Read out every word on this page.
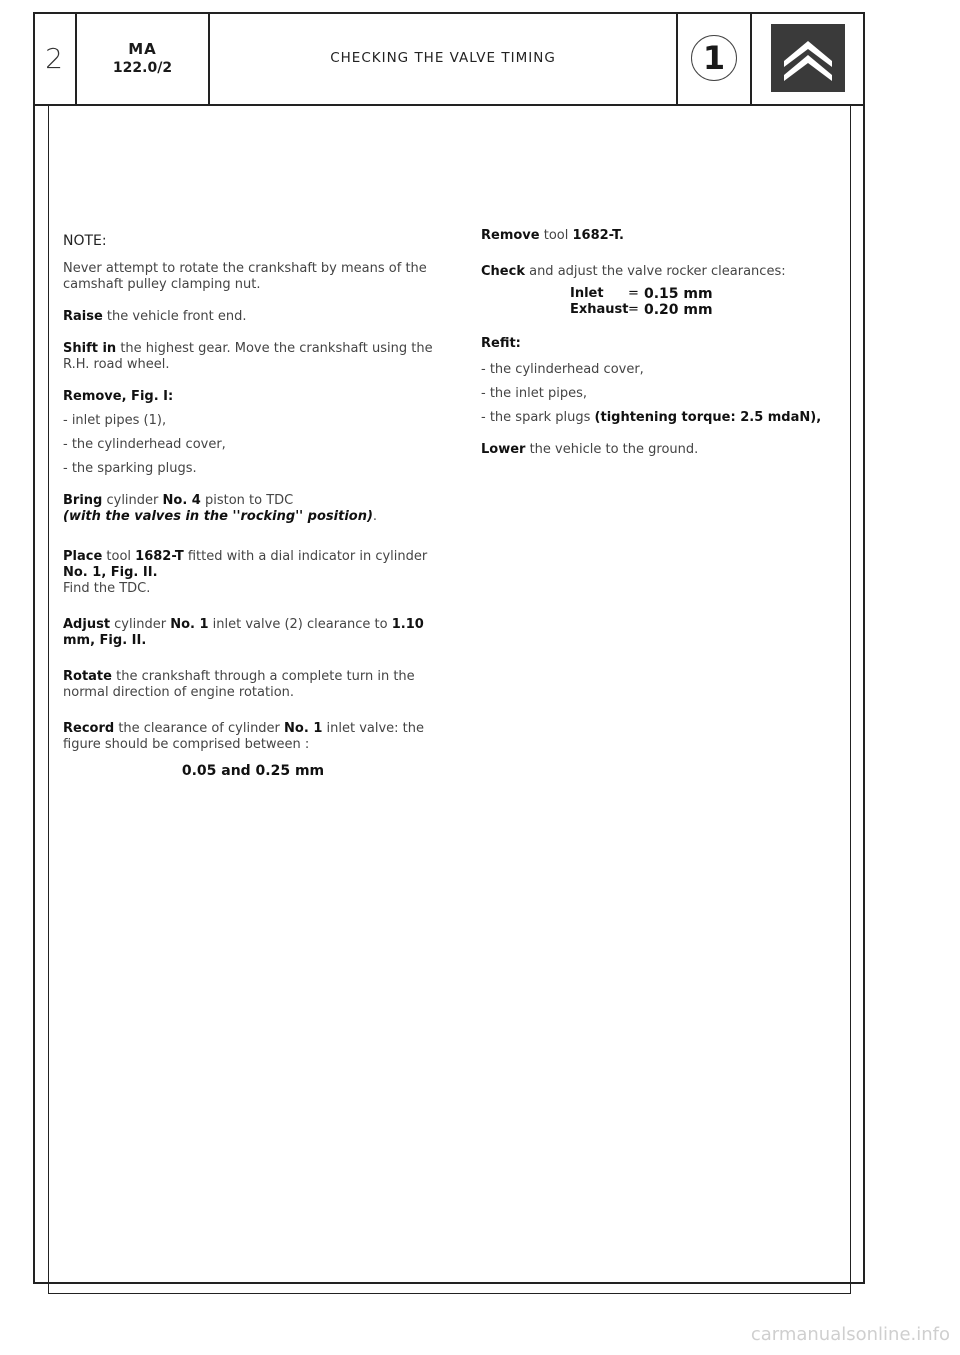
2	MA
122.0/2
CHECKING THE VALVE TIMING	1

NOTE:

Never attempt to rotate the crankshaft by means of the camshaft pulley clamping nut.

Raise the vehicle front end.

Shift in the highest gear. Move the crankshaft using the R.H. road wheel.

Remove, Fig. I:

- inlet pipes (1),
- the cylinderhead cover,
- the sparking plugs.

Bring cylinder No. 4 piston to TDC
(with the valves in the ''rocking'' position).

Place tool 1682-T fitted with a dial indicator in cylinder No. 1, Fig. II.
Find the TDC.

Adjust cylinder No. 1 inlet valve (2) clearance to 1.10 mm, Fig. II.

Rotate the crankshaft through a complete turn in the normal direction of engine rotation.

Record the clearance of cylinder No. 1 inlet valve: the figure should be comprised between :

0.05 and 0.25 mm

Remove tool 1682-T.

Check and adjust the valve rocker clearances:

Inlet	= 0.15 mm
Exhaust = 0.20 mm

Refit:

- the cylinderhead cover,
- the inlet pipes,
- the spark plugs (tightening torque: 2.5 mdaN),

Lower the vehicle to the ground.

carmanualsonline.info
